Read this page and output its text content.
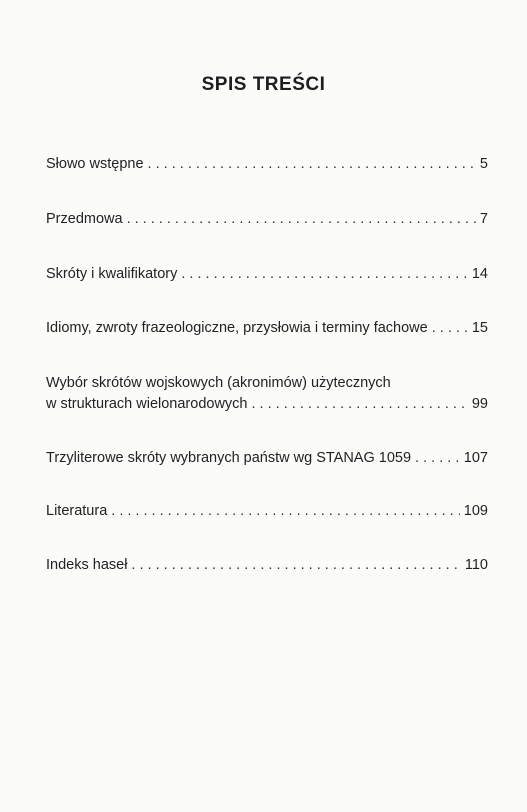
SPIS TREŚCI
Słowo wstępne . . .	5
Przedmowa . . .	7
Skróty i kwalifikatory . . .	14
Idiomy, zwroty frazeologiczne, przysłowia i terminy fachowe . . .	15
Wybór skrótów wojskowych (akronimów) użytecznych
w strukturach wielonarodowych . . .	99
Trzyliterowe skróty wybranych państw wg STANAG 1059 . . .	107
Literatura . . .	109
Indeks haseł . . .	110
